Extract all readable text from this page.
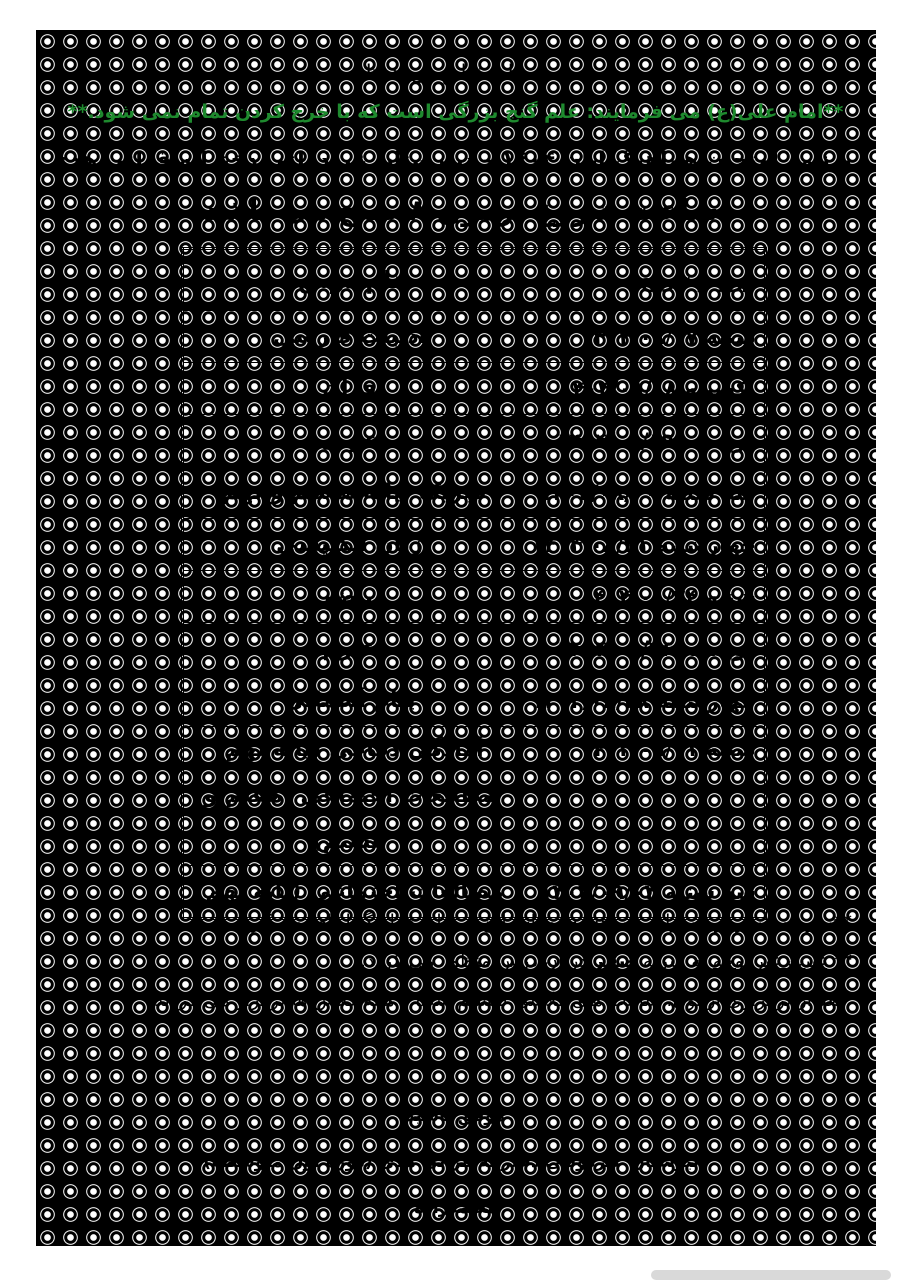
به نام خالق بی همتا
**امام علی(ع) می فرمایند: علم گنج بزرگی است که با خرج کردن تمام نمی شود.**
برنامه امتحان هماهنگ آبان ۱۴۰۴ – دبیرستان غیردولتی دخترانه قرآنی هدی
ساعت شروع آزمون ۸ صبح می باشد.
روز و تاریخ	نام درس
شنبه ۱۴۰۴/۰۸/۱۷	ادبیات فارسی
یکشنبه ۱۴۰۴/۰۸/۱۸	قرآن
دوشنبه ۱۴۰۴/۰۸/۱۹	عربی
سه شنبه ۱۴۰۴/۰۸/۲۰	فیزیک (پایه هشتم و نهم)
چهارشنبه ۱۴۰۴/۰۸/۲۱	زبان انگلیسی
شنبه ۱۴۰۴/۰۸/۲۴	ریاضی
دوشنبه ۱۴۰۴/۰۸/۲۶	علوم
چهارشنبه ۱۴۰۴/۰۸/۲۸	پیام آسمانی
شنبه ۱۴۰۴/۰۹/۰۱	آمادگی دفاعی (پایه نهم)
مطالعات اجتماعی (هفتم و هشتم)

سه شنبه ۱۴۰۴/۰۹/۰۴	مطالعات اجتماعی (پایه نهم)

**نمره مستمر نوبت اول، با توجه به نمرات این امتحان هماهنگ لحاظ می گردد.

** غیبت غیرموجه به منزله صفر در آن درس منظور می گردد.

*بعد از برگزاری آزمون، ساعت های کلاسی تقسیم شده و همه کلاس ها برگزار می گردند.

موفق باشید

دبیرستان غیردولتی دخترانه قرآنی هدی (دوره اول متوسطه)

معتمدزاده
